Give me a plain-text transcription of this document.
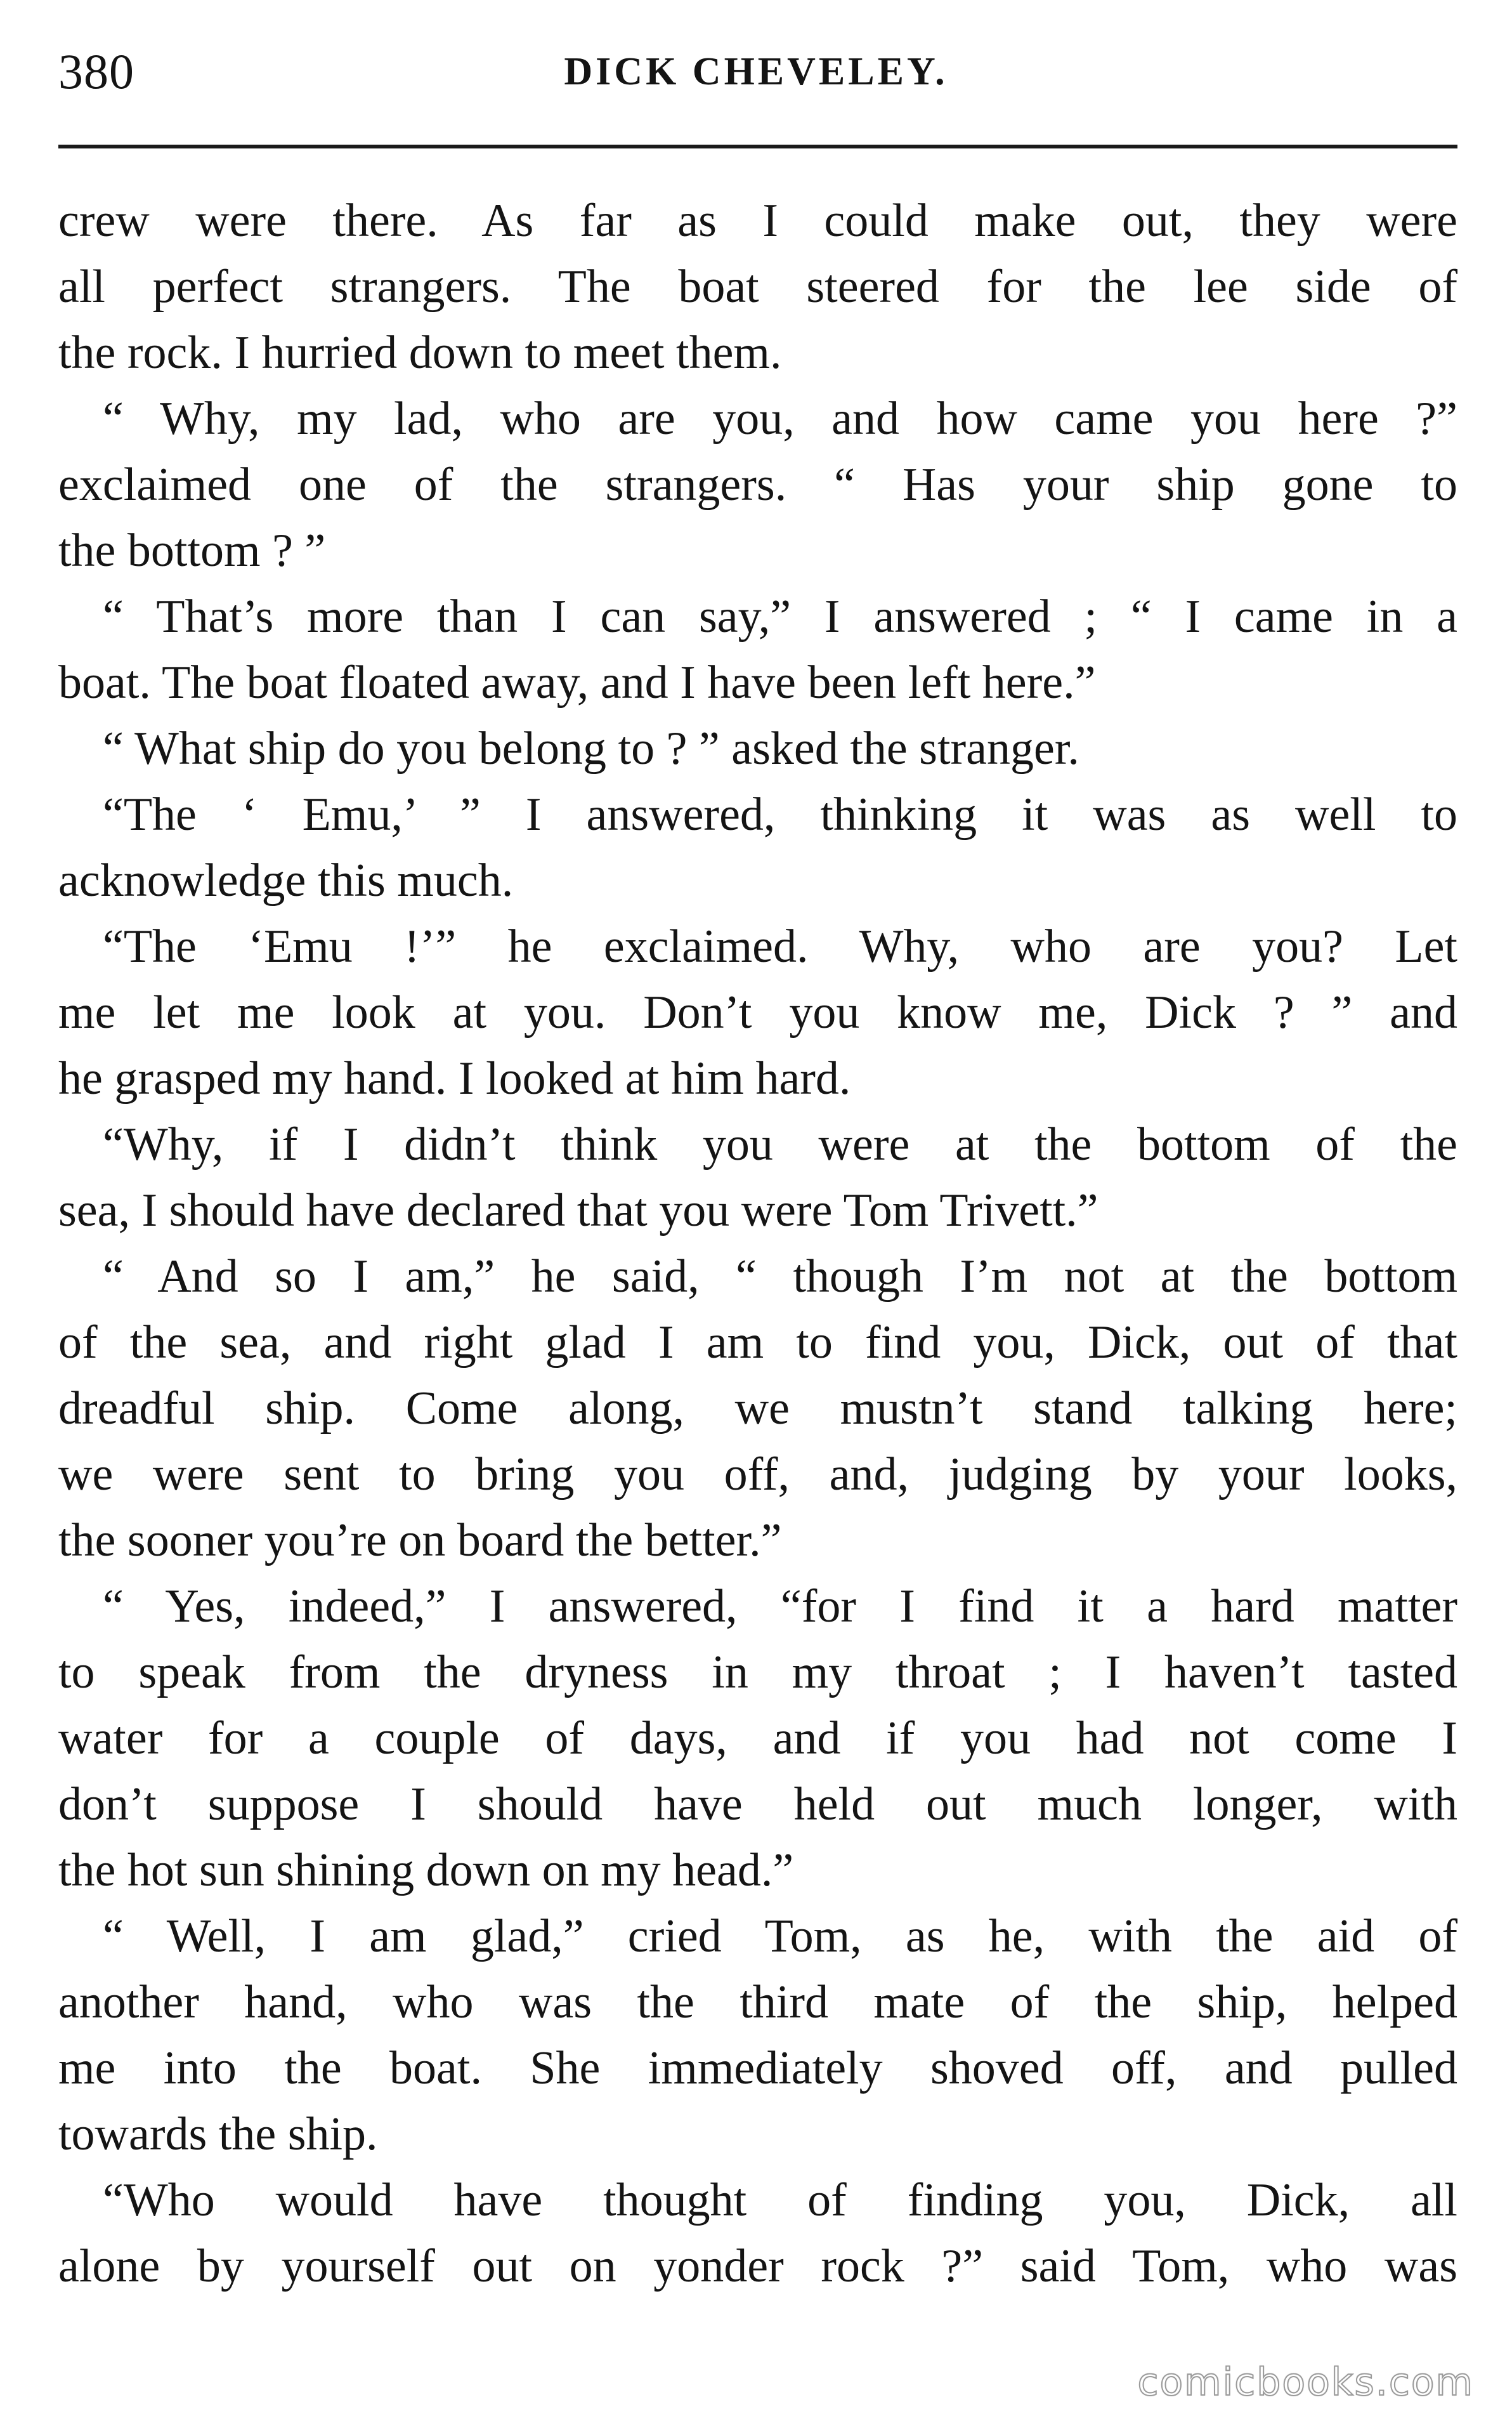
380	DICK CHEVELEY.
crew were there. As far as I could make out, they were
all perfect strangers. The boat steered for the lee side of
the rock. I hurried down to meet them.
“ Why, my lad, who are you, and how came you here ?”
exclaimed one of the strangers. “ Has your ship gone to
the bottom ? ”
“ That’s more than I can say,” I answered ; “ I came in a
boat. The boat floated away, and I have been left here.”
“ What ship do you belong to ? ” asked the stranger.
“The ‘ Emu,’ ” I answered, thinking it was as well to
acknowledge this much.
“The ‘Emu !’” he exclaimed. Why, who are you? Let
me let me look at you. Don’t you know me, Dick ? ” and
he grasped my hand. I looked at him hard.
“Why, if I didn’t think you were at the bottom of the
sea, I should have declared that you were Tom Trivett.”
“ And so I am,” he said, “ though I’m not at the bottom
of the sea, and right glad I am to find you, Dick, out of that
dreadful ship. Come along, we mustn’t stand talking here;
we were sent to bring you off, and, judging by your looks,
the sooner you’re on board the better.”
“ Yes, indeed,” I answered, “for I find it a hard matter
to speak from the dryness in my throat ; I haven’t tasted
water for a couple of days, and if you had not come I
don’t suppose I should have held out much longer, with
the hot sun shining down on my head.”
“ Well, I am glad,” cried Tom, as he, with the aid of
another hand, who was the third mate of the ship, helped
me into the boat. She immediately shoved off, and pulled
towards the ship.
“Who would have thought of finding you, Dick, all
alone by yourself out on yonder rock ?” said Tom, who was
comicbooks.com
